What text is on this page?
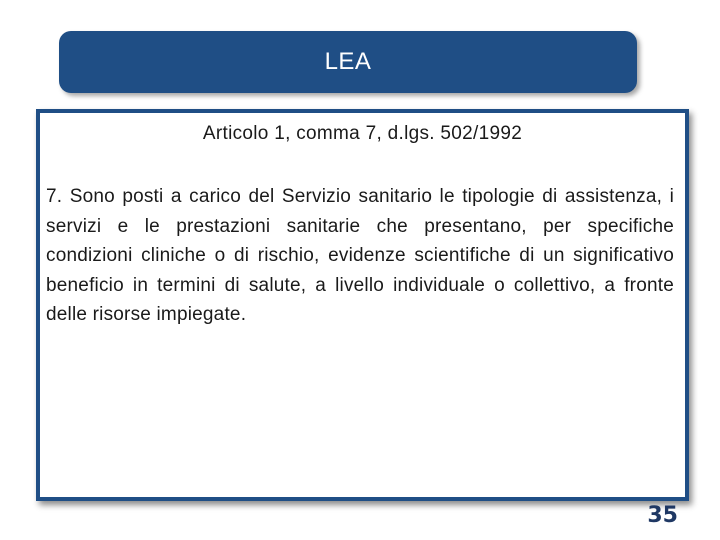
LEA
Articolo 1, comma 7, d.lgs. 502/1992

7. Sono posti a carico del Servizio sanitario le tipologie di assistenza, i servizi e le prestazioni sanitarie che presentano, per specifiche condizioni cliniche o di rischio, evidenze scientifiche di un significativo beneficio in termini di salute, a livello individuale o collettivo, a fronte delle risorse impiegate.

35
